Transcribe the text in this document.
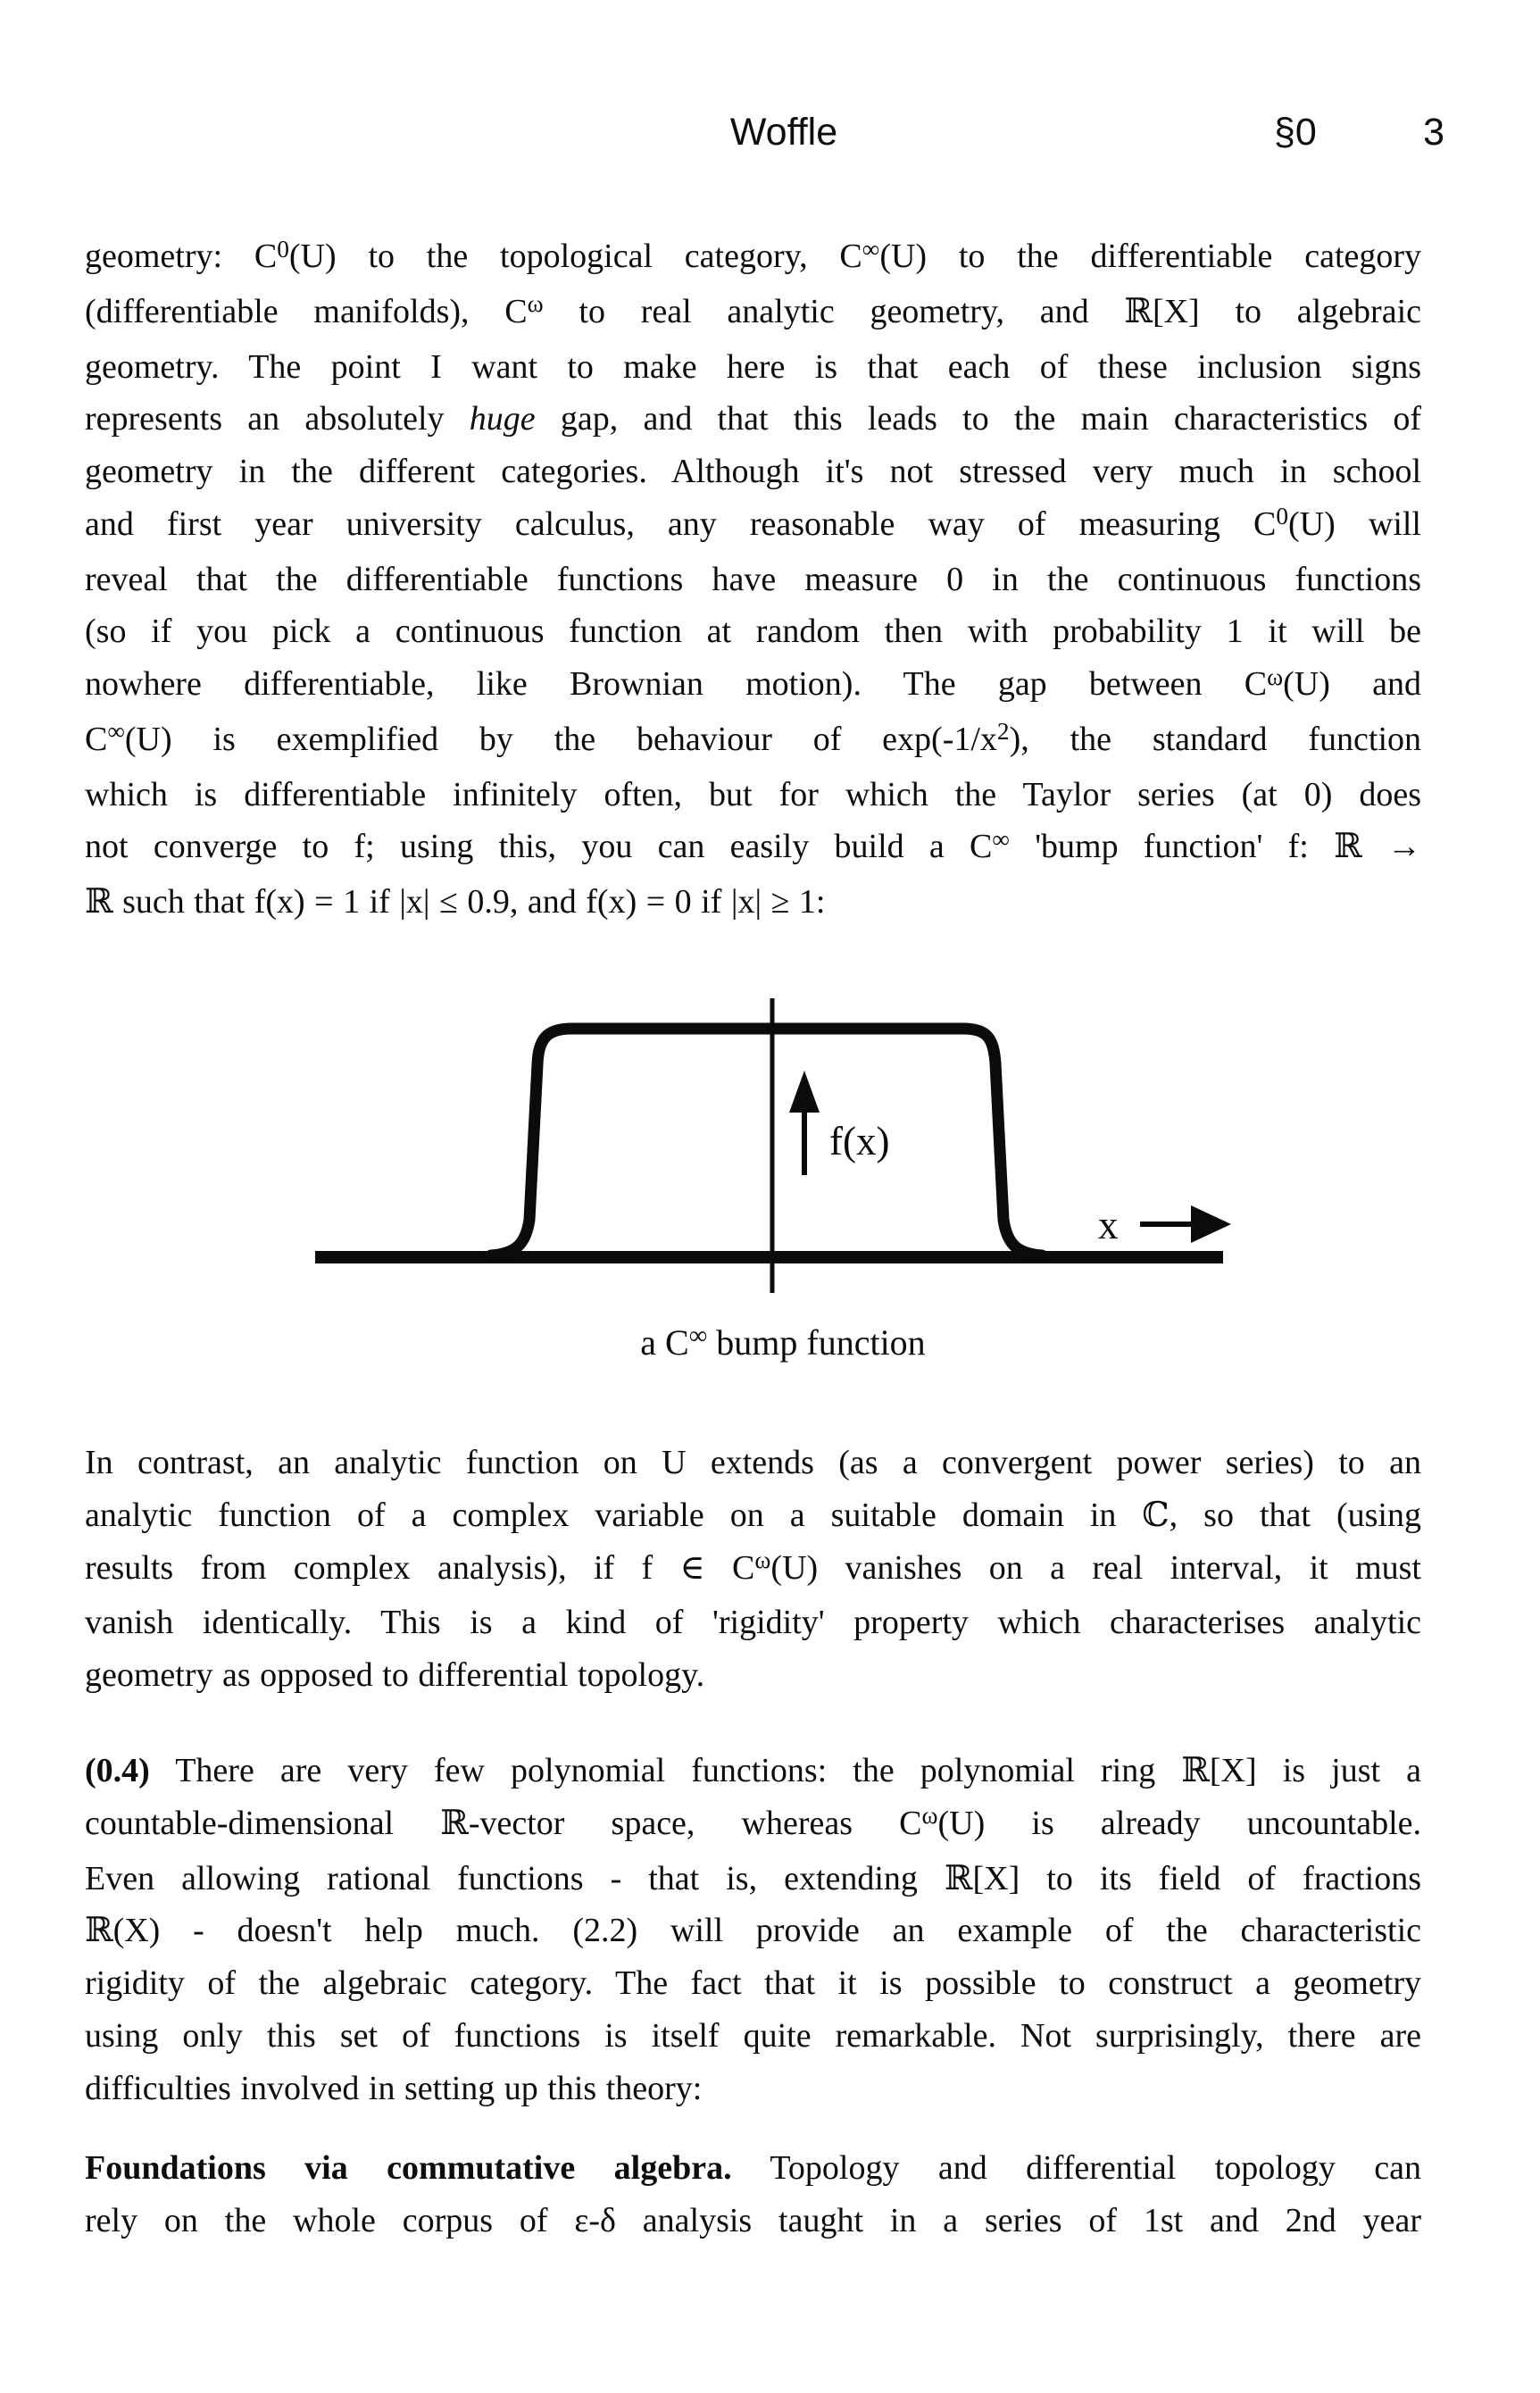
Woffle	§0	3
geometry: $C^0(U)$ to the topological category, C∞(U) to the differentiable category
(differentiable manifolds), $C^\omega$ to real analytic geometry, and ℝ[X] to algebraic
geometry. The point I want to make here is that each of these inclusion signs
represents an absolutely huge gap, and that this leads to the main characteristics of
geometry in the different categories. Although it's not stressed very much in school
and first year university calculus, any reasonable way of measuring $C^0(U)$ will
reveal that the differentiable functions have measure 0 in the continuous functions
(so if you pick a continuous function at random then with probability 1 it will be
nowhere differentiable, like Brownian motion). The gap between $C^\omega(U)$ and
C∞(U) is exemplified by the behaviour of $\exp(-1/x^2)$, the standard function
which is differentiable infinitely often, but for which the Taylor series (at 0) does
not converge to f; using this, you can easily build a C∞ 'bump function' f: ℝ →
ℝ such that f(x) = 1 if |x| ≤ 0.9, and f(x) = 0 if |x| ≥ 1:
f(x)
x
a C∞ bump function
In contrast, an analytic function on U extends (as a convergent power series) to an
analytic function of a complex variable on a suitable domain in ℂ, so that (using
results from complex analysis), if f ∈ $C^\omega(U)$ vanishes on a real interval, it must
vanish identically. This is a kind of 'rigidity' property which characterises analytic
geometry as opposed to differential topology.
(0.4) There are very few polynomial functions: the polynomial ring ℝ[X] is just a
countable-dimensional ℝ-vector space, whereas $C^\omega(U)$ is already uncountable.
Even allowing rational functions - that is, extending ℝ[X] to its field of fractions
ℝ(X) - doesn't help much. (2.2) will provide an example of the characteristic
rigidity of the algebraic category. The fact that it is possible to construct a geometry
using only this set of functions is itself quite remarkable. Not surprisingly, there are
difficulties involved in setting up this theory:
Foundations via commutative algebra. Topology and differential topology can
rely on the whole corpus of ε-δ analysis taught in a series of 1st and 2nd year
